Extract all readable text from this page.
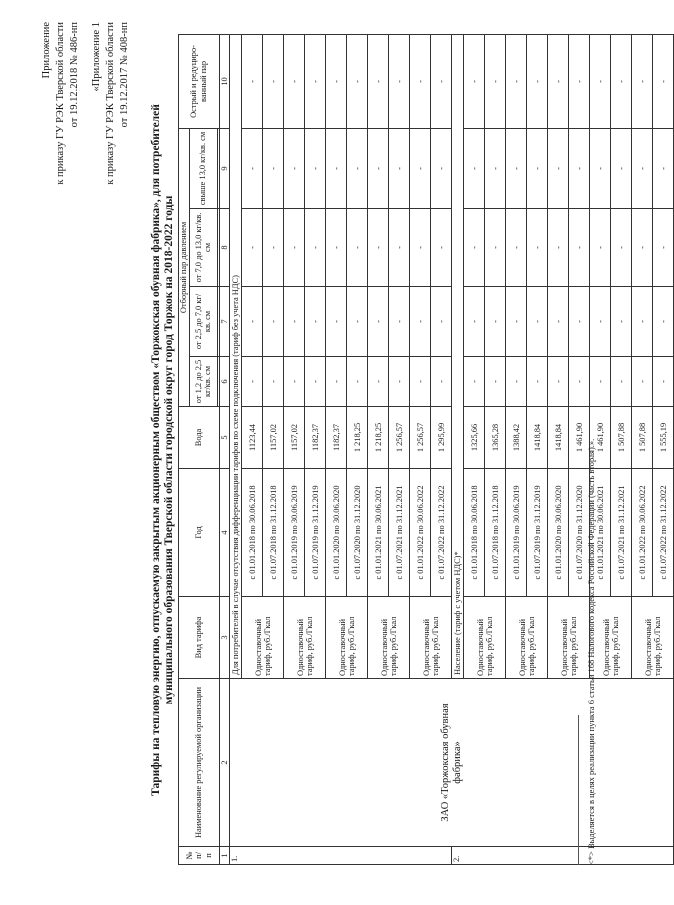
Приложение к приказу ГУ РЭК Тверской области от 19.12.2018 № 486-нп «Приложение 1 к приказу ГУ РЭК Тверской области от 19.12.2017 № 408-нп
Тарифы на тепловую энергию, отпускаемую закрытым акционерным обществом «Торжокская обувная фабрика», для потребителей муниципального образования Тверской области городской округ город Торжок на 2018-2022 годы
№ п/ п	Наименование регулируемой организации	Вид тарифа	Год	Вода	Отборный пар давлением				Острый и редуциро-ванный пар
					от 1,2 до 2,5 кг/кв. см	от 2,5 до 7,0 кг/кв. см	от 7,0 до 13,0 кг/кв. см	свыше 13,0 кг/кв. см	

1	2	3	4	5	6	7	8	9	10
1.	ЗАО «Торжокская обувная фабрика»	Для потребителей в случае отсутствия дифференциации тарифов по схеме подключения (тариф без учета НДС)							
		Одноставочный тариф, руб./Гкал	с 01.01.2018 по 30.06.2018	1123,44	-	-	-	-	-
			с 01.07.2018 по 31.12.2018	1157,02	-	-	-	-	-
		Одноставочный тариф, руб./Гкал	с 01.01.2019 по 30.06.2019	1157,02	-	-	-	-	-
			с 01.07.2019 по 31.12.2019	1182,37	-	-	-	-	-
		Одноставочный тариф, руб./Гкал	с 01.01.2020 по 30.06.2020	1182,37	-	-	-	-	-
			с 01.07.2020 по 31.12.2020	1 218,25	-	-	-	-	-
		Одноставочный тариф, руб./Гкал	с 01.01.2021 по 30.06.2021	1 218,25	-	-	-	-	-
			с 01.07.2021 по 31.12.2021	1 256,57	-	-	-	-	-
		Одноставочный тариф, руб./Гкал	с 01.01.2022 по 30.06.2022	1 256,57	-	-	-	-	-
			с 01.07.2022 по 31.12.2022	1 295,99	-	-	-	-	-
2.		Население (тариф с учетом НДС)*							
		Одноставочный тариф, руб./Гкал	с 01.01.2018 по 30.06.2018	1325,66	-	-	-	-	-
			с 01.07.2018 по 31.12.2018	1365,28	-	-	-	-	-
		Одноставочный тариф, руб./Гкал	с 01.01.2019 по 30.06.2019	1388,42	-	-	-	-	-
			с 01.07.2019 по 31.12.2019	1418,84	-	-	-	-	-
		Одноставочный тариф, руб./Гкал	с 01.01.2020 по 30.06.2020	1418,84	-	-	-	-	-
			с 01.07.2020 по 31.12.2020	1 461,90	-	-	-	-	-
		Одноставочный тариф, руб./Гкал	с 01.01.2021 по 30.06.2021	1 461,90	-	-	-	-	-
			с 01.07.2021 по 31.12.2021	1 507,88	-	-	-	-	-
		Одноставочный тариф, руб./Гкал	с 01.01.2022 по 30.06.2022	1 507,88	-	-	-	-	-
			с 01.07.2022 по 31.12.2022	1 555,19	-	-	-	-	-
<*> Выделяется в целях реализации пункта 6 статьи 168 Налогового кодекса Российской Федерации (часть вторая).».
